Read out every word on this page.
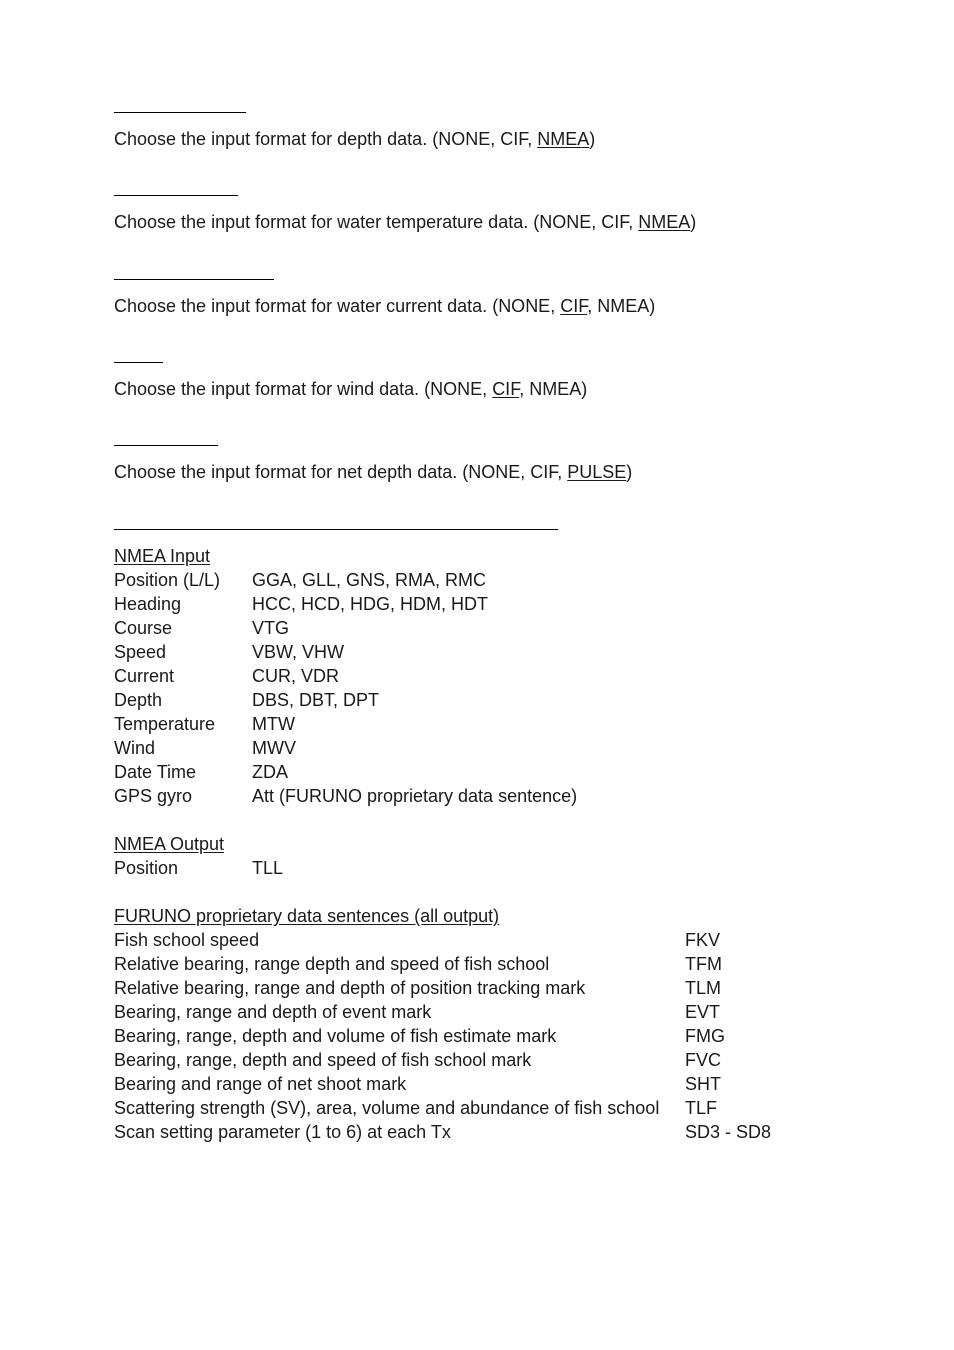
Choose the input format for depth data. (NONE, CIF, NMEA)
Choose the input format for water temperature data. (NONE, CIF, NMEA)
Choose the input format for water current data. (NONE, CIF, NMEA)
Choose the input format for wind data. (NONE, CIF, NMEA)
Choose the input format for net depth data. (NONE, CIF, PULSE)
NMEA Input
Position (L/L) GGA, GLL, GNS, RMA, RMC
Heading	HCC, HCD, HDG, HDM, HDT
Course	VTG
Speed	VBW, VHW
Current	CUR, VDR
Depth	DBS, DBT, DPT
Temperature MTW
Wind	MWV
Date Time	ZDA
GPS gyro	Att (FURUNO proprietary data sentence)
NMEA Output
Position	TLL
FURUNO proprietary data sentences (all output)
Fish school speed	FKV
Relative bearing, range depth and speed of fish school	TFM
Relative bearing, range and depth of position tracking mark	TLM
Bearing, range and depth of event mark	EVT
Bearing, range, depth and volume of fish estimate mark	FMG
Bearing, range, depth and speed of fish school mark	FVC
Bearing and range of net shoot mark	SHT
Scattering strength (SV), area, volume and abundance of fish school TLF
Scan setting parameter (1 to 6) at each Tx	SD3 - SD8
